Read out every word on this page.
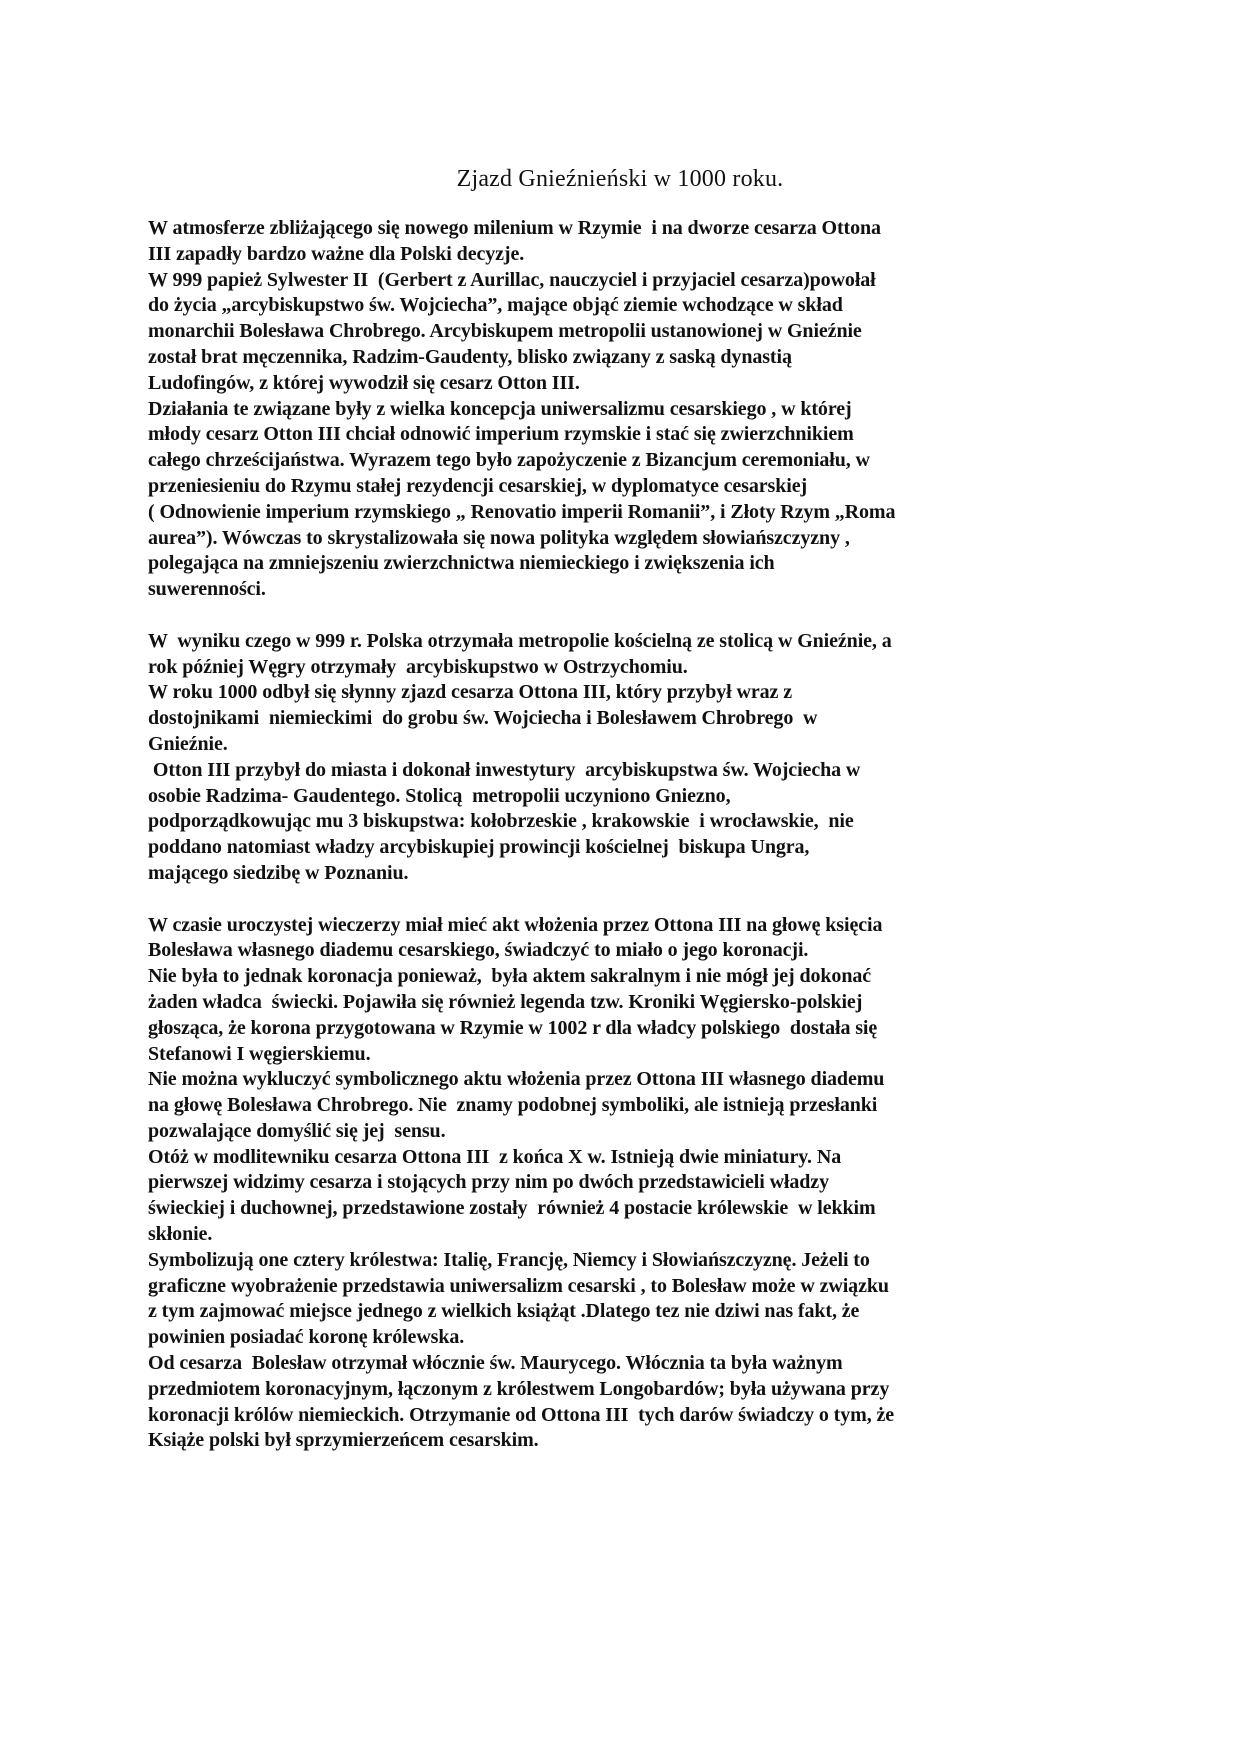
Zjazd Gnieźnieński w 1000 roku.
W atmosferze zbliżającego się nowego milenium w Rzymie  i na dworze cesarza Ottona
III zapadły bardzo ważne dla Polski decyzje.
W 999 papież Sylwester II  (Gerbert z Aurillac, nauczyciel i przyjaciel cesarza)powołał
do życia „arcybiskupstwo św. Wojciecha”, mające objąć ziemie wchodzące w skład
monarchii Bolesława Chrobrego. Arcybiskupem metropolii ustanowionej w Gnieźnie
został brat męczennika, Radzim-Gaudenty, blisko związany z saską dynastią
Ludofingów, z której wywodził się cesarz Otton III.
Działania te związane były z wielka koncepcja uniwersalizmu cesarskiego , w której
młody cesarz Otton III chciał odnowić imperium rzymskie i stać się zwierzchnikiem
całego chrześcijaństwa. Wyrazem tego było zapożyczenie z Bizancjum ceremoniału, w
przeniesieniu do Rzymu stałej rezydencji cesarskiej, w dyplomatyce cesarskiej
( Odnowienie imperium rzymskiego „ Renovatio imperii Romanii”, i Złoty Rzym „Roma
aurea”). Wówczas to skrystalizowała się nowa polityka względem słowiańszczyzny ,
polegająca na zmniejszeniu zwierzchnictwa niemieckiego i zwiększenia ich
suwerenności.
W  wyniku czego w 999 r. Polska otrzymała metropolie kościelną ze stolicą w Gnieźnie, a
rok później Węgry otrzymały  arcybiskupstwo w Ostrzychomiu.
W roku 1000 odbył się słynny zjazd cesarza Ottona III, który przybył wraz z
dostojnikami  niemieckimi  do grobu św. Wojciecha i Bolesławem Chrobrego  w
Gnieźnie.
Otton III przybył do miasta i dokonał inwestytury  arcybiskupstwa św. Wojciecha w
osobie Radzima- Gaudentego. Stolicą  metropolii uczyniono Gniezno,
podporządkowując mu 3 biskupstwa: kołobrzeskie , krakowskie  i wrocławskie,  nie
poddano natomiast władzy arcybiskupiej prowincji kościelnej  biskupa Ungra,
mającego siedzibę w Poznaniu.
W czasie uroczystej wieczerzy miał mieć akt włożenia przez Ottona III na głowę księcia
Bolesława własnego diademu cesarskiego, świadczyć to miało o jego koronacji.
Nie była to jednak koronacja ponieważ,  była aktem sakralnym i nie mógł jej dokonać
żaden władca  świecki. Pojawiła się również legenda tzw. Kroniki Węgiersko-polskiej
głosząca, że korona przygotowana w Rzymie w 1002 r dla władcy polskiego  dostała się
Stefanowi I węgierskiemu.
Nie można wykluczyć symbolicznego aktu włożenia przez Ottona III własnego diademu
na głowę Bolesława Chrobrego. Nie  znamy podobnej symboliki, ale istnieją przesłanki
pozwalające domyślić się jej  sensu.
Otóż w modlitewniku cesarza Ottona III  z końca X w. Istnieją dwie miniatury. Na
pierwszej widzimy cesarza i stojących przy nim po dwóch przedstawicieli władzy
świeckiej i duchownej, przedstawione zostały  również 4 postacie królewskie  w lekkim
skłonie.
Symbolizują one cztery królestwa: Italię, Francję, Niemcy i Słowiańszczyznę. Jeżeli to
graficzne wyobrażenie przedstawia uniwersalizm cesarski , to Bolesław może w związku
z tym zajmować miejsce jednego z wielkich książąt .Dlatego tez nie dziwi nas fakt, że
powinien posiadać koronę królewska.
Od cesarza  Bolesław otrzymał włócznie św. Maurycego. Włócznia ta była ważnym
przedmiotem koronacyjnym, łączonym z królestwem Longobardów; była używana przy
koronacji królów niemieckich. Otrzymanie od Ottona III  tych darów świadczy o tym, że
Książe polski był sprzymierzeńcem cesarskim.
